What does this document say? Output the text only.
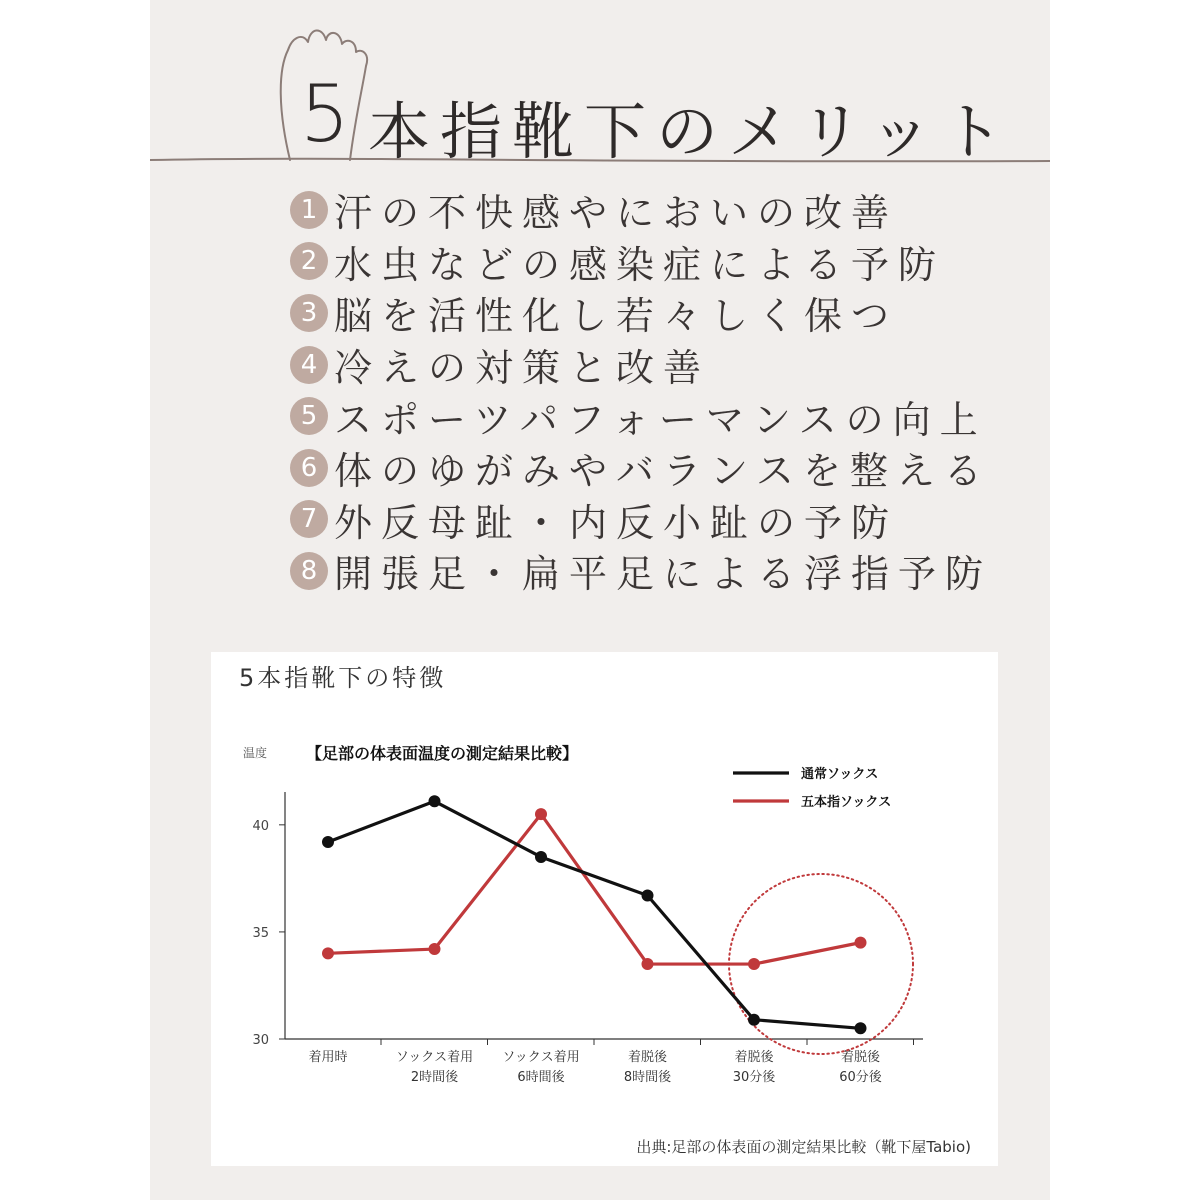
5 本指靴下のメリット
1 汗の不快感やにおいの改善
2 水虫などの感染症による予防
3 脳を活性化し若々しく保つ
4 冷えの対策と改善
5 スポーツパフォーマンスの向上
6 体のゆがみやバランスを整える
7 外反母趾・内反小趾の予防
8 開張足・扁平足による浮指予防
5本指靴下の特徴
【足部の体表面温度の測定結果比較】
温度
出典:足部の体表面の測定結果比較（靴下屋Tabio)
30
35
40
着用時	ソックス着用
2時間後
ソックス着用
6時間後
着脱後
8時間後
着脱後
30分後
着脱後
60分後
通常ソックス
五本指ソックス
